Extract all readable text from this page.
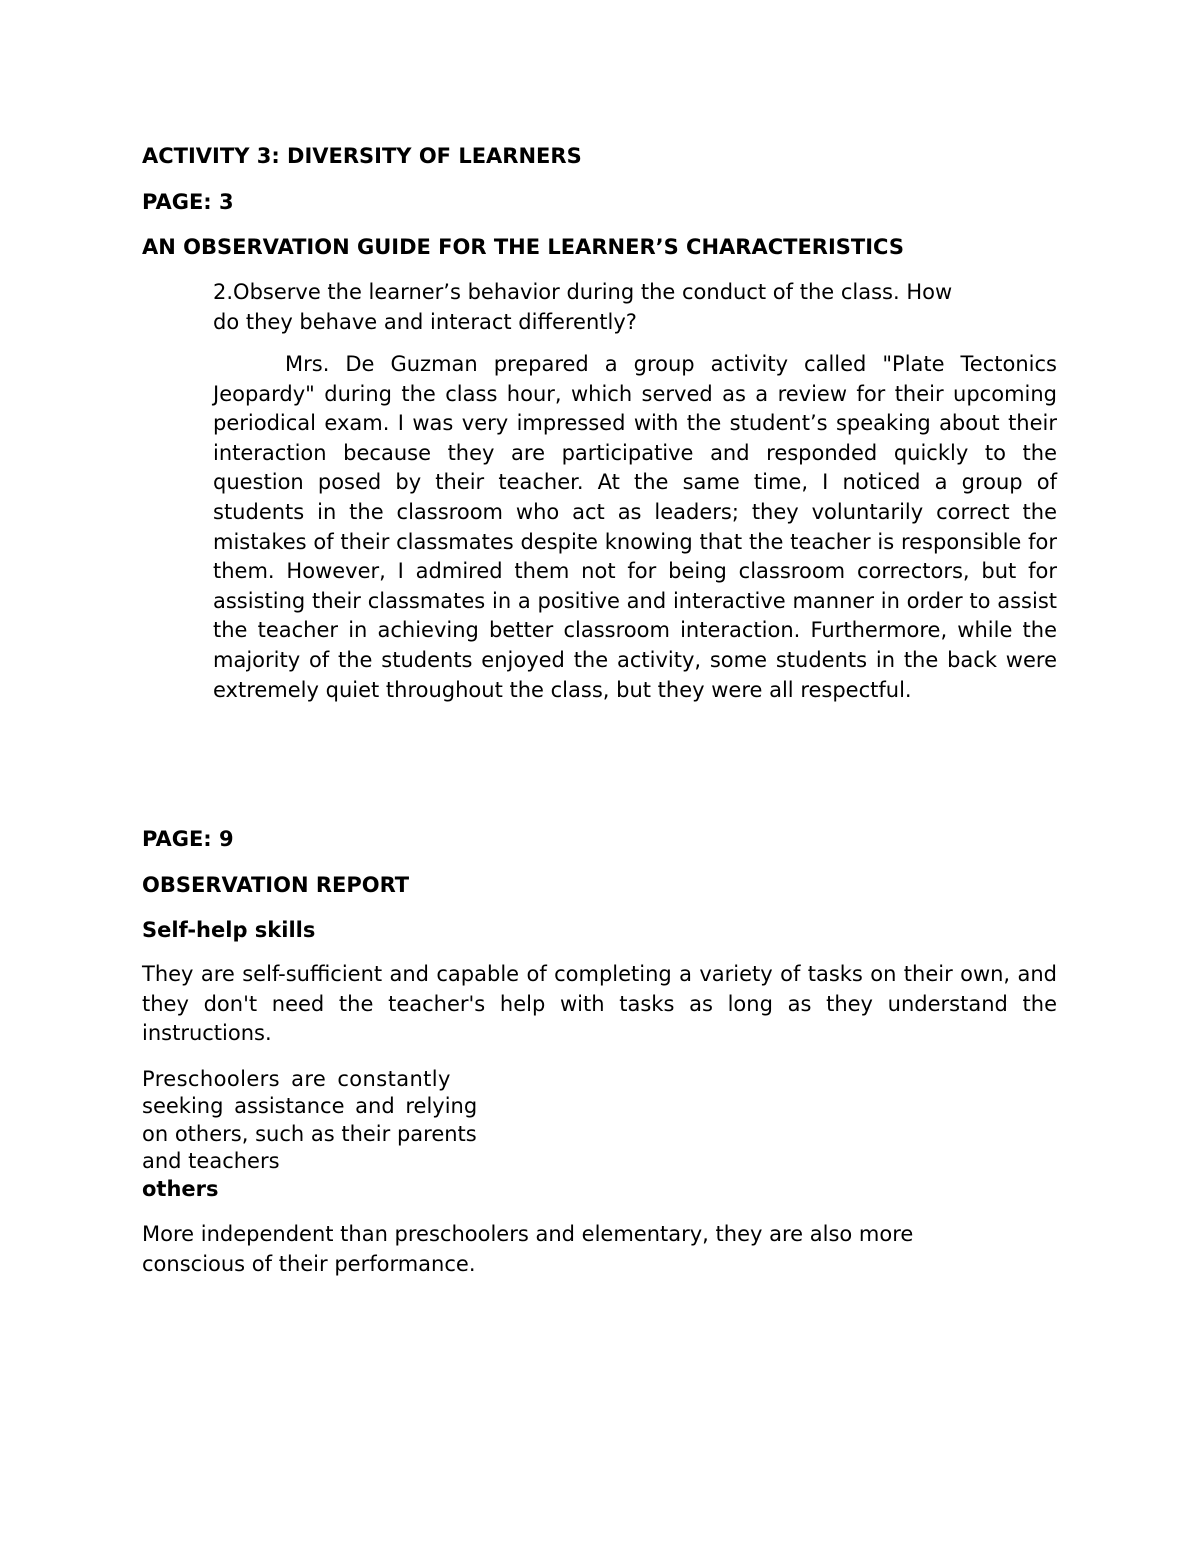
ACTIVITY 3: DIVERSITY OF LEARNERS
PAGE: 3
AN OBSERVATION GUIDE FOR THE LEARNER’S CHARACTERISTICS
2.Observe the learner’s behavior during the conduct of the class. How
do they behave and interact differently?
Mrs. De Guzman prepared a group activity called "Plate Tectonics Jeopardy" during the class hour, which served as a review for their upcoming periodical exam. I was very impressed with the student’s speaking about their interaction because they are participative and responded quickly to the question posed by their teacher. At the same time, I noticed a group of students in the classroom who act as leaders; they voluntarily correct the mistakes of their classmates despite knowing that the teacher is responsible for them. However, I admired them not for being classroom correctors, but for assisting their classmates in a positive and interactive manner in order to assist the teacher in achieving better classroom interaction. Furthermore, while the majority of the students enjoyed the activity, some students in the back were extremely quiet throughout the class, but they were all respectful.
PAGE: 9
OBSERVATION REPORT
Self-help skills
They are self-sufficient and capable of completing a variety of tasks on their own, and they don't need the teacher's help with tasks as long as they understand the instructions.
Preschoolers are constantly
seeking assistance and relying
on others, such as their parents
and teachers
others
More independent than preschoolers and elementary, they are also more
conscious of their performance.
